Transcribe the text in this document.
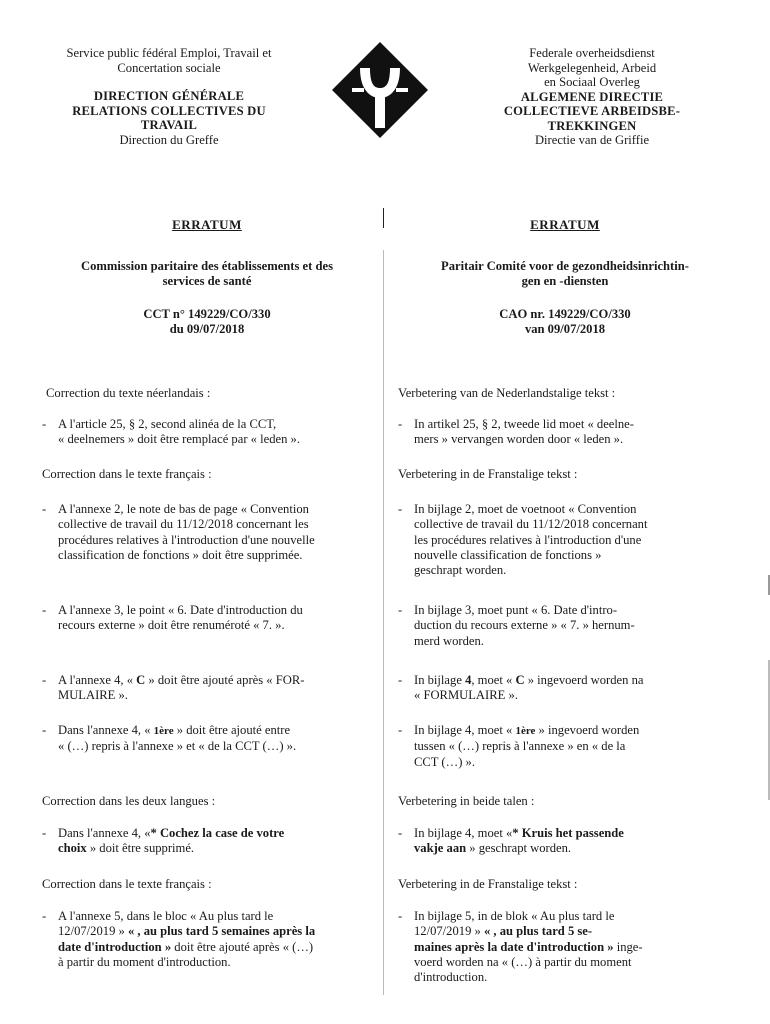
Service public fédéral Emploi, Travail et
Concertation sociale
DIRECTION GÉNÉRALE
RELATIONS COLLECTIVES DU
TRAVAIL
Direction du Greffe
Federale overheidsdienst
Werkgelegenheid, Arbeid
en Sociaal Overleg
ALGEMENE DIRECTIE
COLLECTIEVE ARBEIDSBE-
TREKKINGEN
Directie van de Griffie
ERRATUM	ERRATUM
Commission paritaire des établissements et des
services de santé
Paritair Comité voor de gezondheidsinrichtin-
gen en -diensten
CCT n° 149229/CO/330
du 09/07/2018
CAO nr. 149229/CO/330
van 09/07/2018
Correction du texte néerlandais :
- A l'article 25, § 2, second alinéa de la CCT,
« deelnemers » doit être remplacé par « leden ».
Correction dans le texte français :
- A l'annexe 2, le note de bas de page « Convention
collective de travail du 11/12/2018 concernant les
procédures relatives à l'introduction d'une nouvelle
classification de fonctions » doit être supprimée.
- A l'annexe 3, le point « 6. Date d'introduction du
recours externe » doit être renuméroté « 7. ».
- A l'annexe 4, « C » doit être ajouté après « FOR-
MULAIRE ».
- Dans l'annexe 4, « 1ère » doit être ajouté entre
« (…) repris à l'annexe » et « de la CCT (…) ».
Correction dans les deux langues :
- Dans l'annexe 4, «* Cochez la case de votre
choix » doit être supprimé.
Correction dans le texte français :
- A l'annexe 5, dans le bloc « Au plus tard le
12/07/2019 » « , au plus tard 5 semaines après la
date d'introduction » doit être ajouté après « (…)
à partir du moment d'introduction.
Verbetering van de Nederlandstalige tekst :
- In artikel 25, § 2, tweede lid moet « deelne-
mers » vervangen worden door « leden ».
Verbetering in de Franstalige tekst :
- In bijlage 2, moet de voetnoot « Convention
collective de travail du 11/12/2018 concernant
les procédures relatives à l'introduction d'une
nouvelle classification de fonctions »
geschrapt worden.
- In bijlage 3, moet punt « 6. Date d'intro-
duction du recours externe » « 7. » hernum-
merd worden.
- In bijlage 4, moet « C » ingevoerd worden na
« FORMULAIRE ».
- In bijlage 4, moet « 1ère » ingevoerd worden
tussen « (…) repris à l'annexe » en « de la
CCT (…) ».
Verbetering in beide talen :
- In bijlage 4, moet «* Kruis het passende
vakje aan » geschrapt worden.
Verbetering in de Franstalige tekst :
- In bijlage 5, in de blok « Au plus tard le
12/07/2019 » « , au plus tard 5 se-
maines après la date d'introduction » inge-
voerd worden na « (…) à partir du moment
d'introduction.
